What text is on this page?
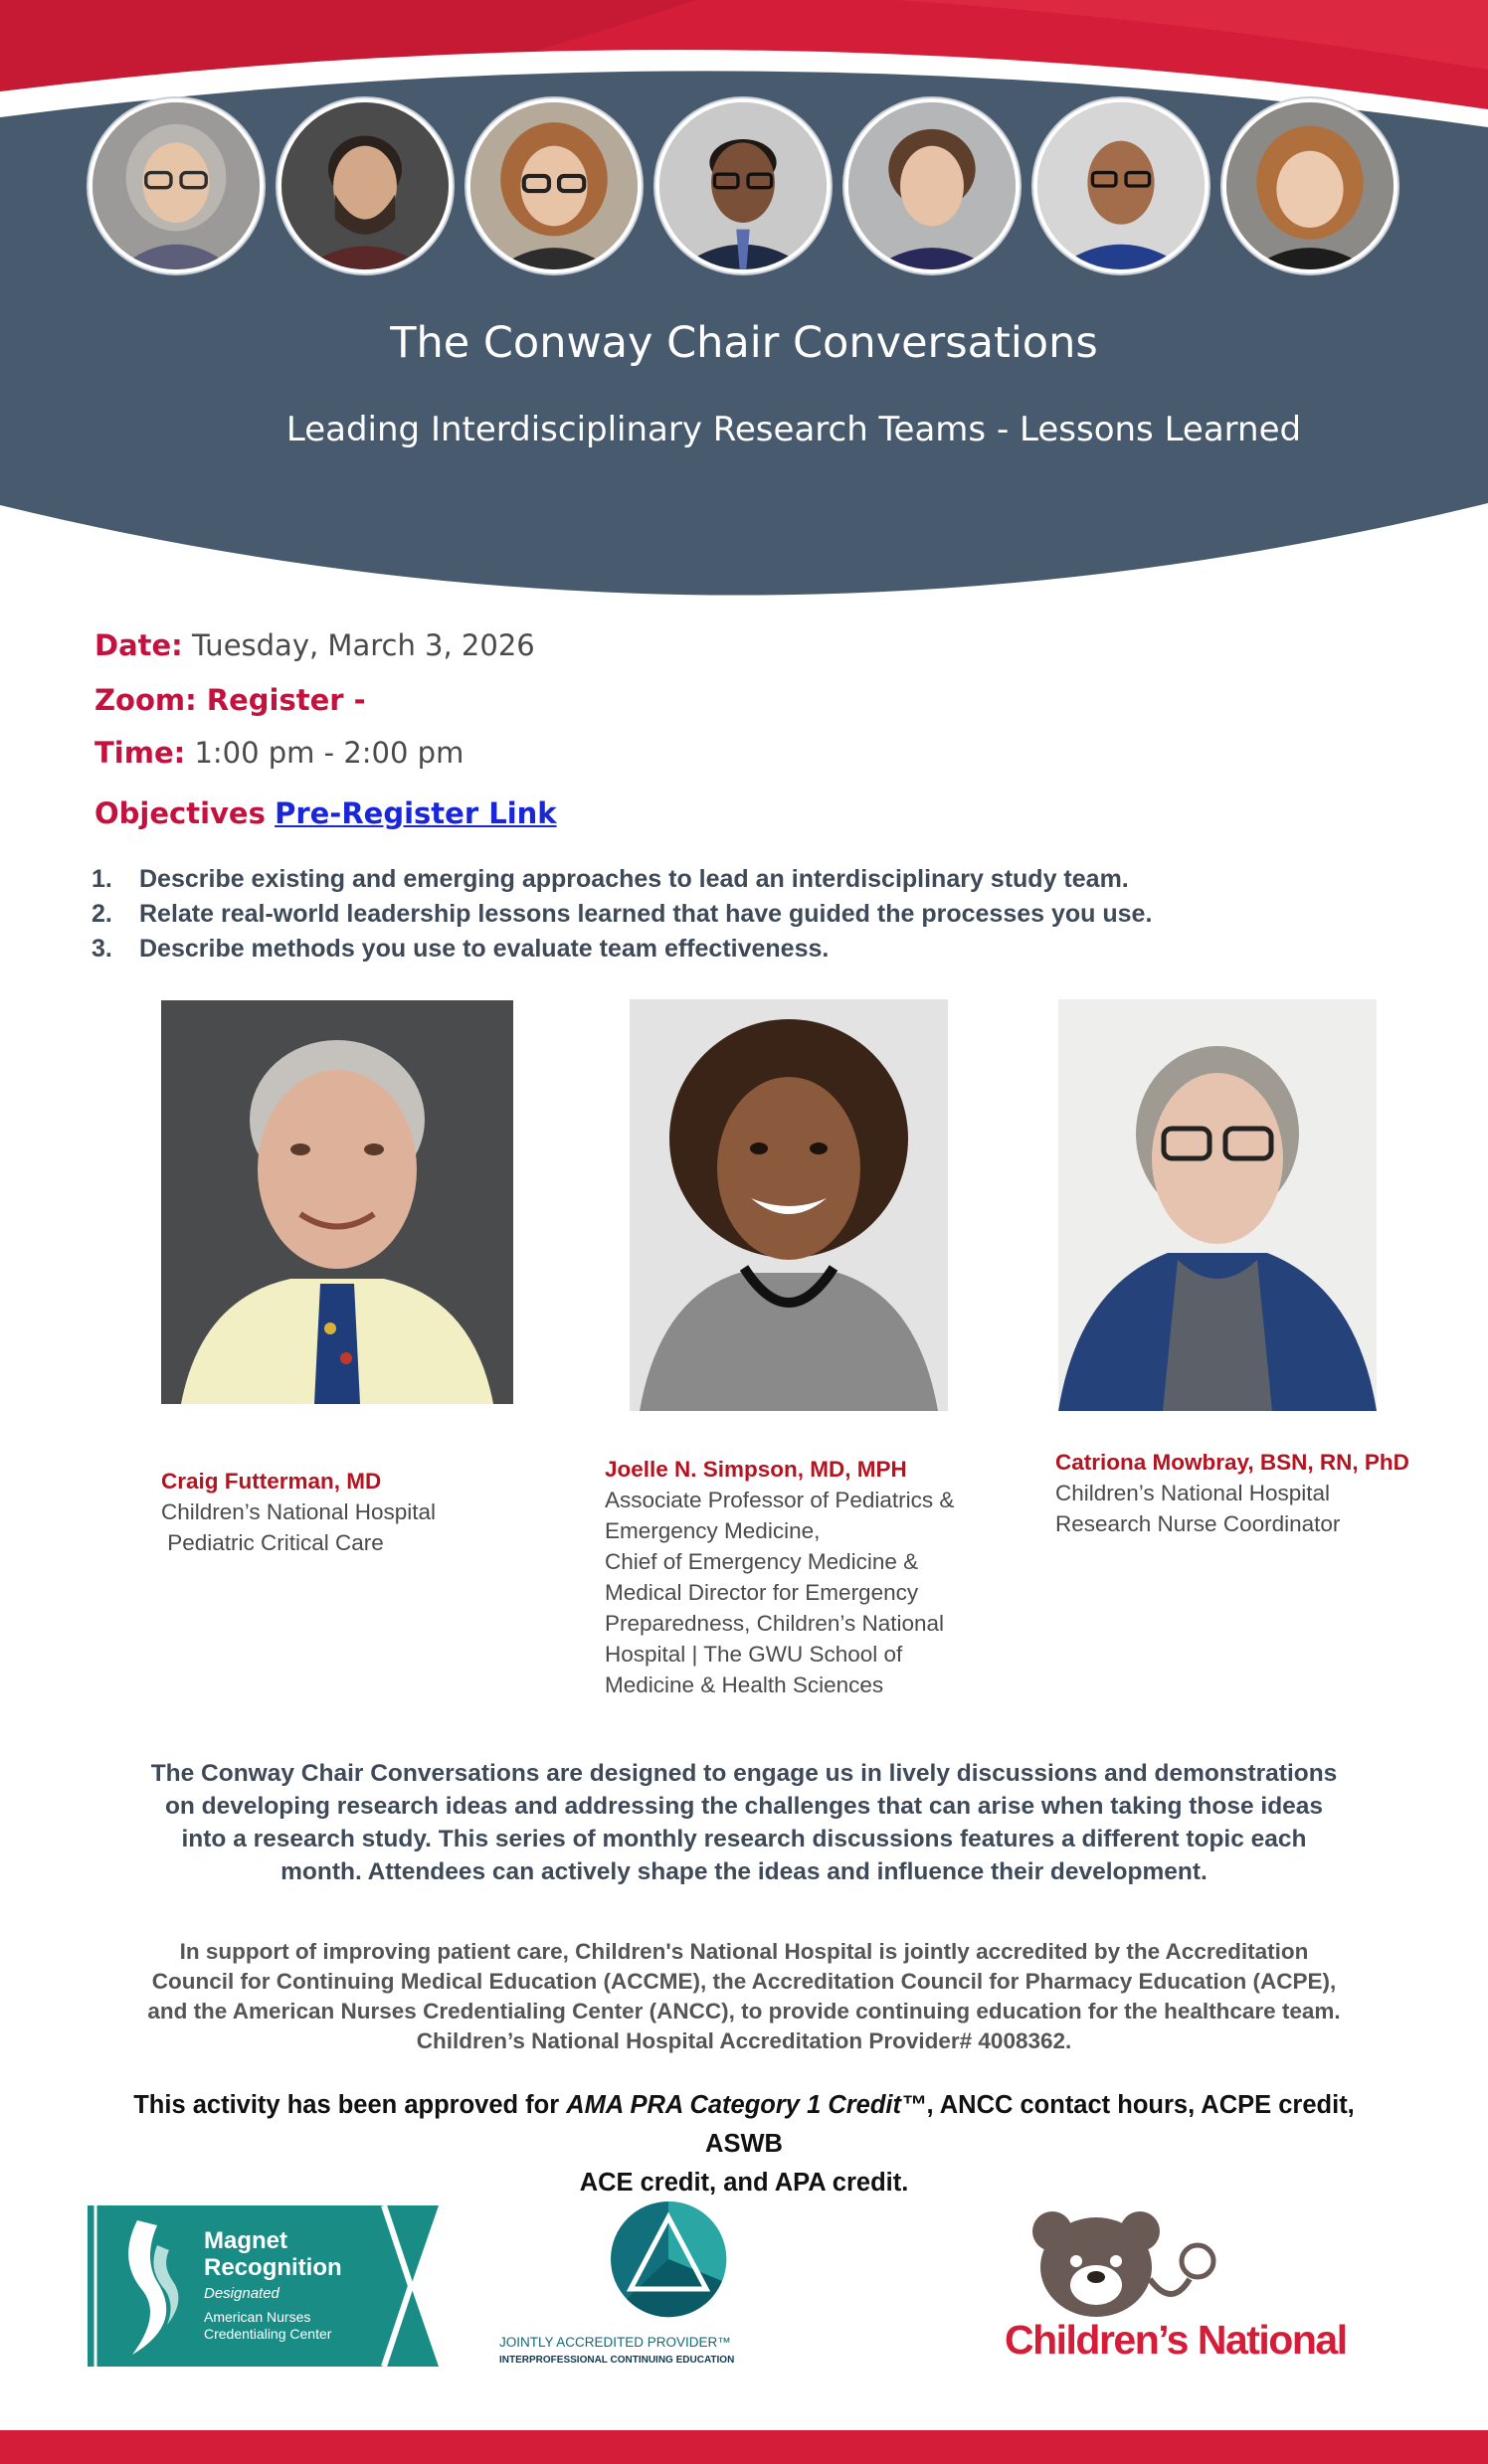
The Conway Chair Conversations
Leading Interdisciplinary Research Teams - Lessons Learned
Date: Tuesday, March 3, 2026
Zoom: Register -
Time: 1:00 pm - 2:00 pm
Objectives Pre-Register Link
1.	Describe existing and emerging approaches to lead an interdisciplinary study team.
2.	Relate real-world leadership lessons learned that have guided the processes you use.
3.	Describe methods you use to evaluate team effectiveness.
Craig Futterman, MD
Children’s National Hospital
Pediatric Critical Care
Joelle N. Simpson, MD, MPH
Associate Professor of Pediatrics &
Emergency Medicine,
Chief of Emergency Medicine &
Medical Director for Emergency
Preparedness, Children’s National
Hospital | The GWU School of
Medicine & Health Sciences
Catriona Mowbray, BSN, RN, PhD
Children’s National Hospital
Research Nurse Coordinator
The Conway Chair Conversations are designed to engage us in lively discussions and demonstrations
on developing research ideas and addressing the challenges that can arise when taking those ideas
into a research study. This series of monthly research discussions features a different topic each
month. Attendees can actively shape the ideas and influence their development.
In support of improving patient care, Children's National Hospital is jointly accredited by the Accreditation
Council for Continuing Medical Education (ACCME), the Accreditation Council for Pharmacy Education (ACPE),
and the American Nurses Credentialing Center (ANCC), to provide continuing education for the healthcare team.
Children’s National Hospital Accreditation Provider# 4008362.
This activity has been approved for AMA PRA Category 1 Credit™, ANCC contact hours, ACPE credit, ASWB
ACE credit, and APA credit.
Magnet
Recognition
Designated
American Nurses
Credentialing Center
JOINTLY ACCREDITED PROVIDER™
INTERPROFESSIONAL CONTINUING EDUCATION	Children’s National
